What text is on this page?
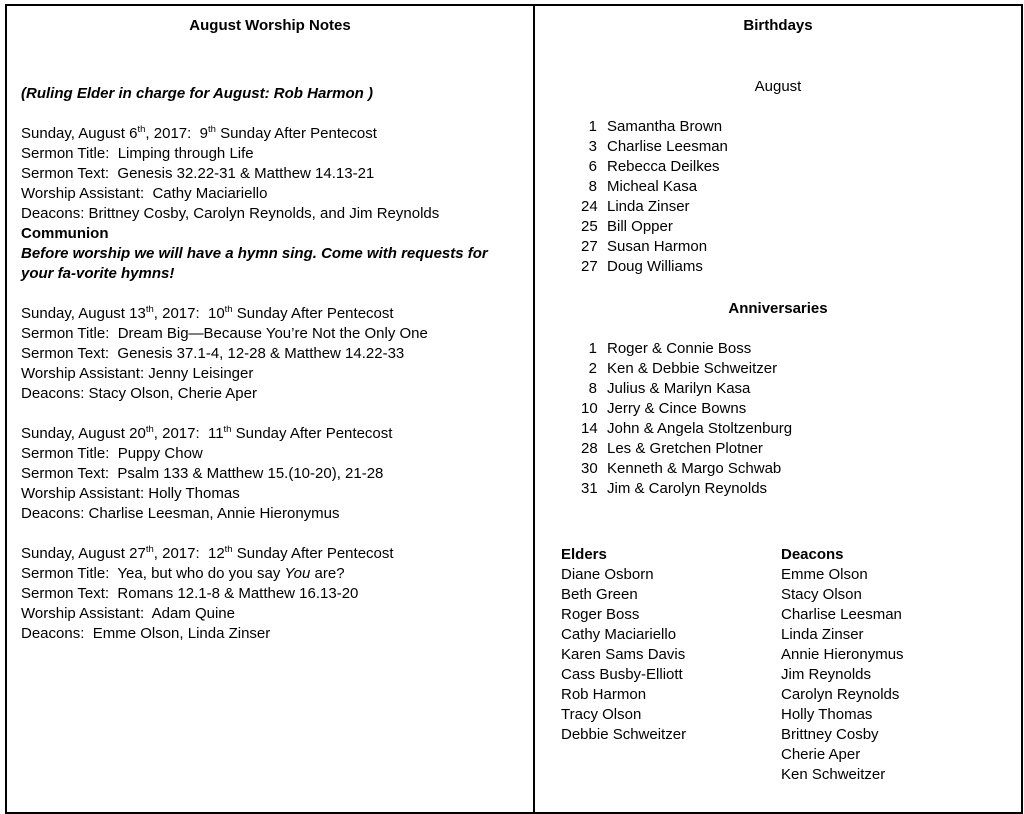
August Worship Notes
(Ruling Elder in charge for August: Rob Harmon )
Sunday, August 6th, 2017:  9th Sunday After Pentecost
Sermon Title:  Limping through Life
Sermon Text:  Genesis 32.22-31 & Matthew 14.13-21
Worship Assistant:  Cathy Maciariello
Deacons: Brittney Cosby, Carolyn Reynolds, and Jim Reynolds
Communion
Before worship we will have a hymn sing. Come with requests for your fa-vorite hymns!
Sunday, August 13th, 2017:  10th Sunday After Pentecost
Sermon Title:  Dream Big—Because You’re Not the Only One
Sermon Text:  Genesis 37.1-4, 12-28 & Matthew 14.22-33
Worship Assistant: Jenny Leisinger
Deacons: Stacy Olson, Cherie Aper
Sunday, August 20th, 2017:  11th Sunday After Pentecost
Sermon Title:  Puppy Chow
Sermon Text:  Psalm 133 & Matthew 15.(10-20), 21-28
Worship Assistant: Holly Thomas
Deacons: Charlise Leesman, Annie Hieronymus
Sunday, August 27th, 2017:  12th Sunday After Pentecost
Sermon Title:  Yea, but who do you say You are?
Sermon Text:  Romans 12.1-8 & Matthew 16.13-20
Worship Assistant:  Adam Quine
Deacons:  Emme Olson, Linda Zinser
Birthdays
August
1 Samantha Brown
3 Charlise Leesman
6 Rebecca Deilkes
8 Micheal Kasa
24 Linda Zinser
25 Bill Opper
27 Susan Harmon
27 Doug Williams
Anniversaries
1 Roger & Connie Boss
2 Ken & Debbie Schweitzer
8 Julius & Marilyn Kasa
10 Jerry & Cince Bowns
14 John & Angela Stoltzenburg
28 Les & Gretchen Plotner
30 Kenneth & Margo Schwab
31 Jim & Carolyn Reynolds
Elders
Diane Osborn
Beth Green
Roger Boss
Cathy Maciariello
Karen Sams Davis
Cass Busby-Elliott
Rob Harmon
Tracy Olson
Debbie Schweitzer
Deacons
Emme Olson
Stacy Olson
Charlise Leesman
Linda Zinser
Annie Hieronymus
Jim Reynolds
Carolyn Reynolds
Holly Thomas
Brittney Cosby
Cherie Aper
Ken Schweitzer
